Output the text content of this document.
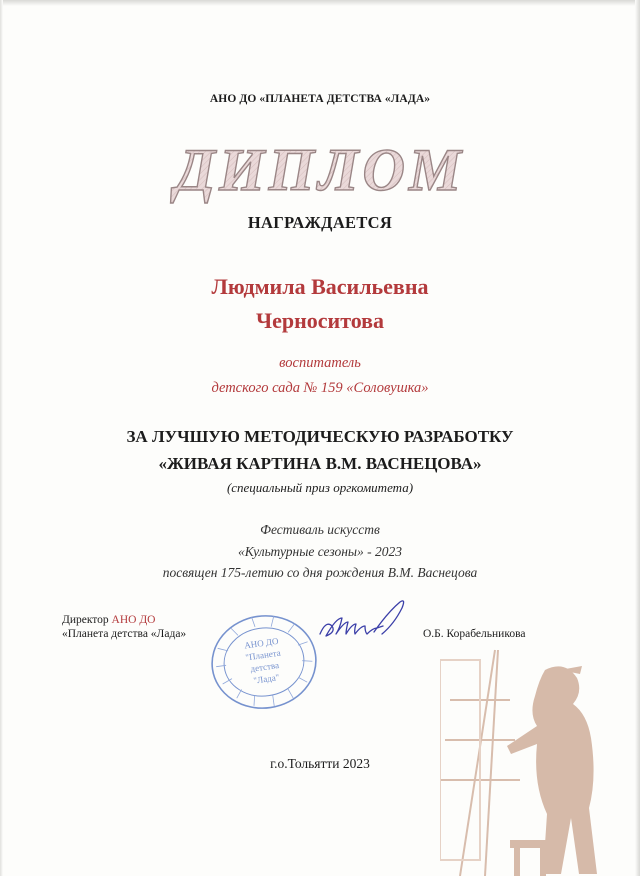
АНО ДО «ПЛАНЕТА ДЕТСТВА «ЛАДА»
ДИПЛОМ
НАГРАЖДАЕТСЯ
Людмила Васильевна
Черноситова
воспитатель
детского сада № 159 «Соловушка»
ЗА ЛУЧШУЮ МЕТОДИЧЕСКУЮ РАЗРАБОТКУ
«ЖИВАЯ КАРТИНА В.М. ВАСНЕЦОВА»
(специальный приз оргкомитета)
Фестиваль искусств
«Культурные сезоны» - 2023
посвящен 175-летию со дня рождения В.М. Васнецова
Директор АНО ДО
«Планета детства «Лада»	О.Б. Корабельникова
АНО ДО
"Планета
детства
"Лада"
г.о.Тольятти 2023
